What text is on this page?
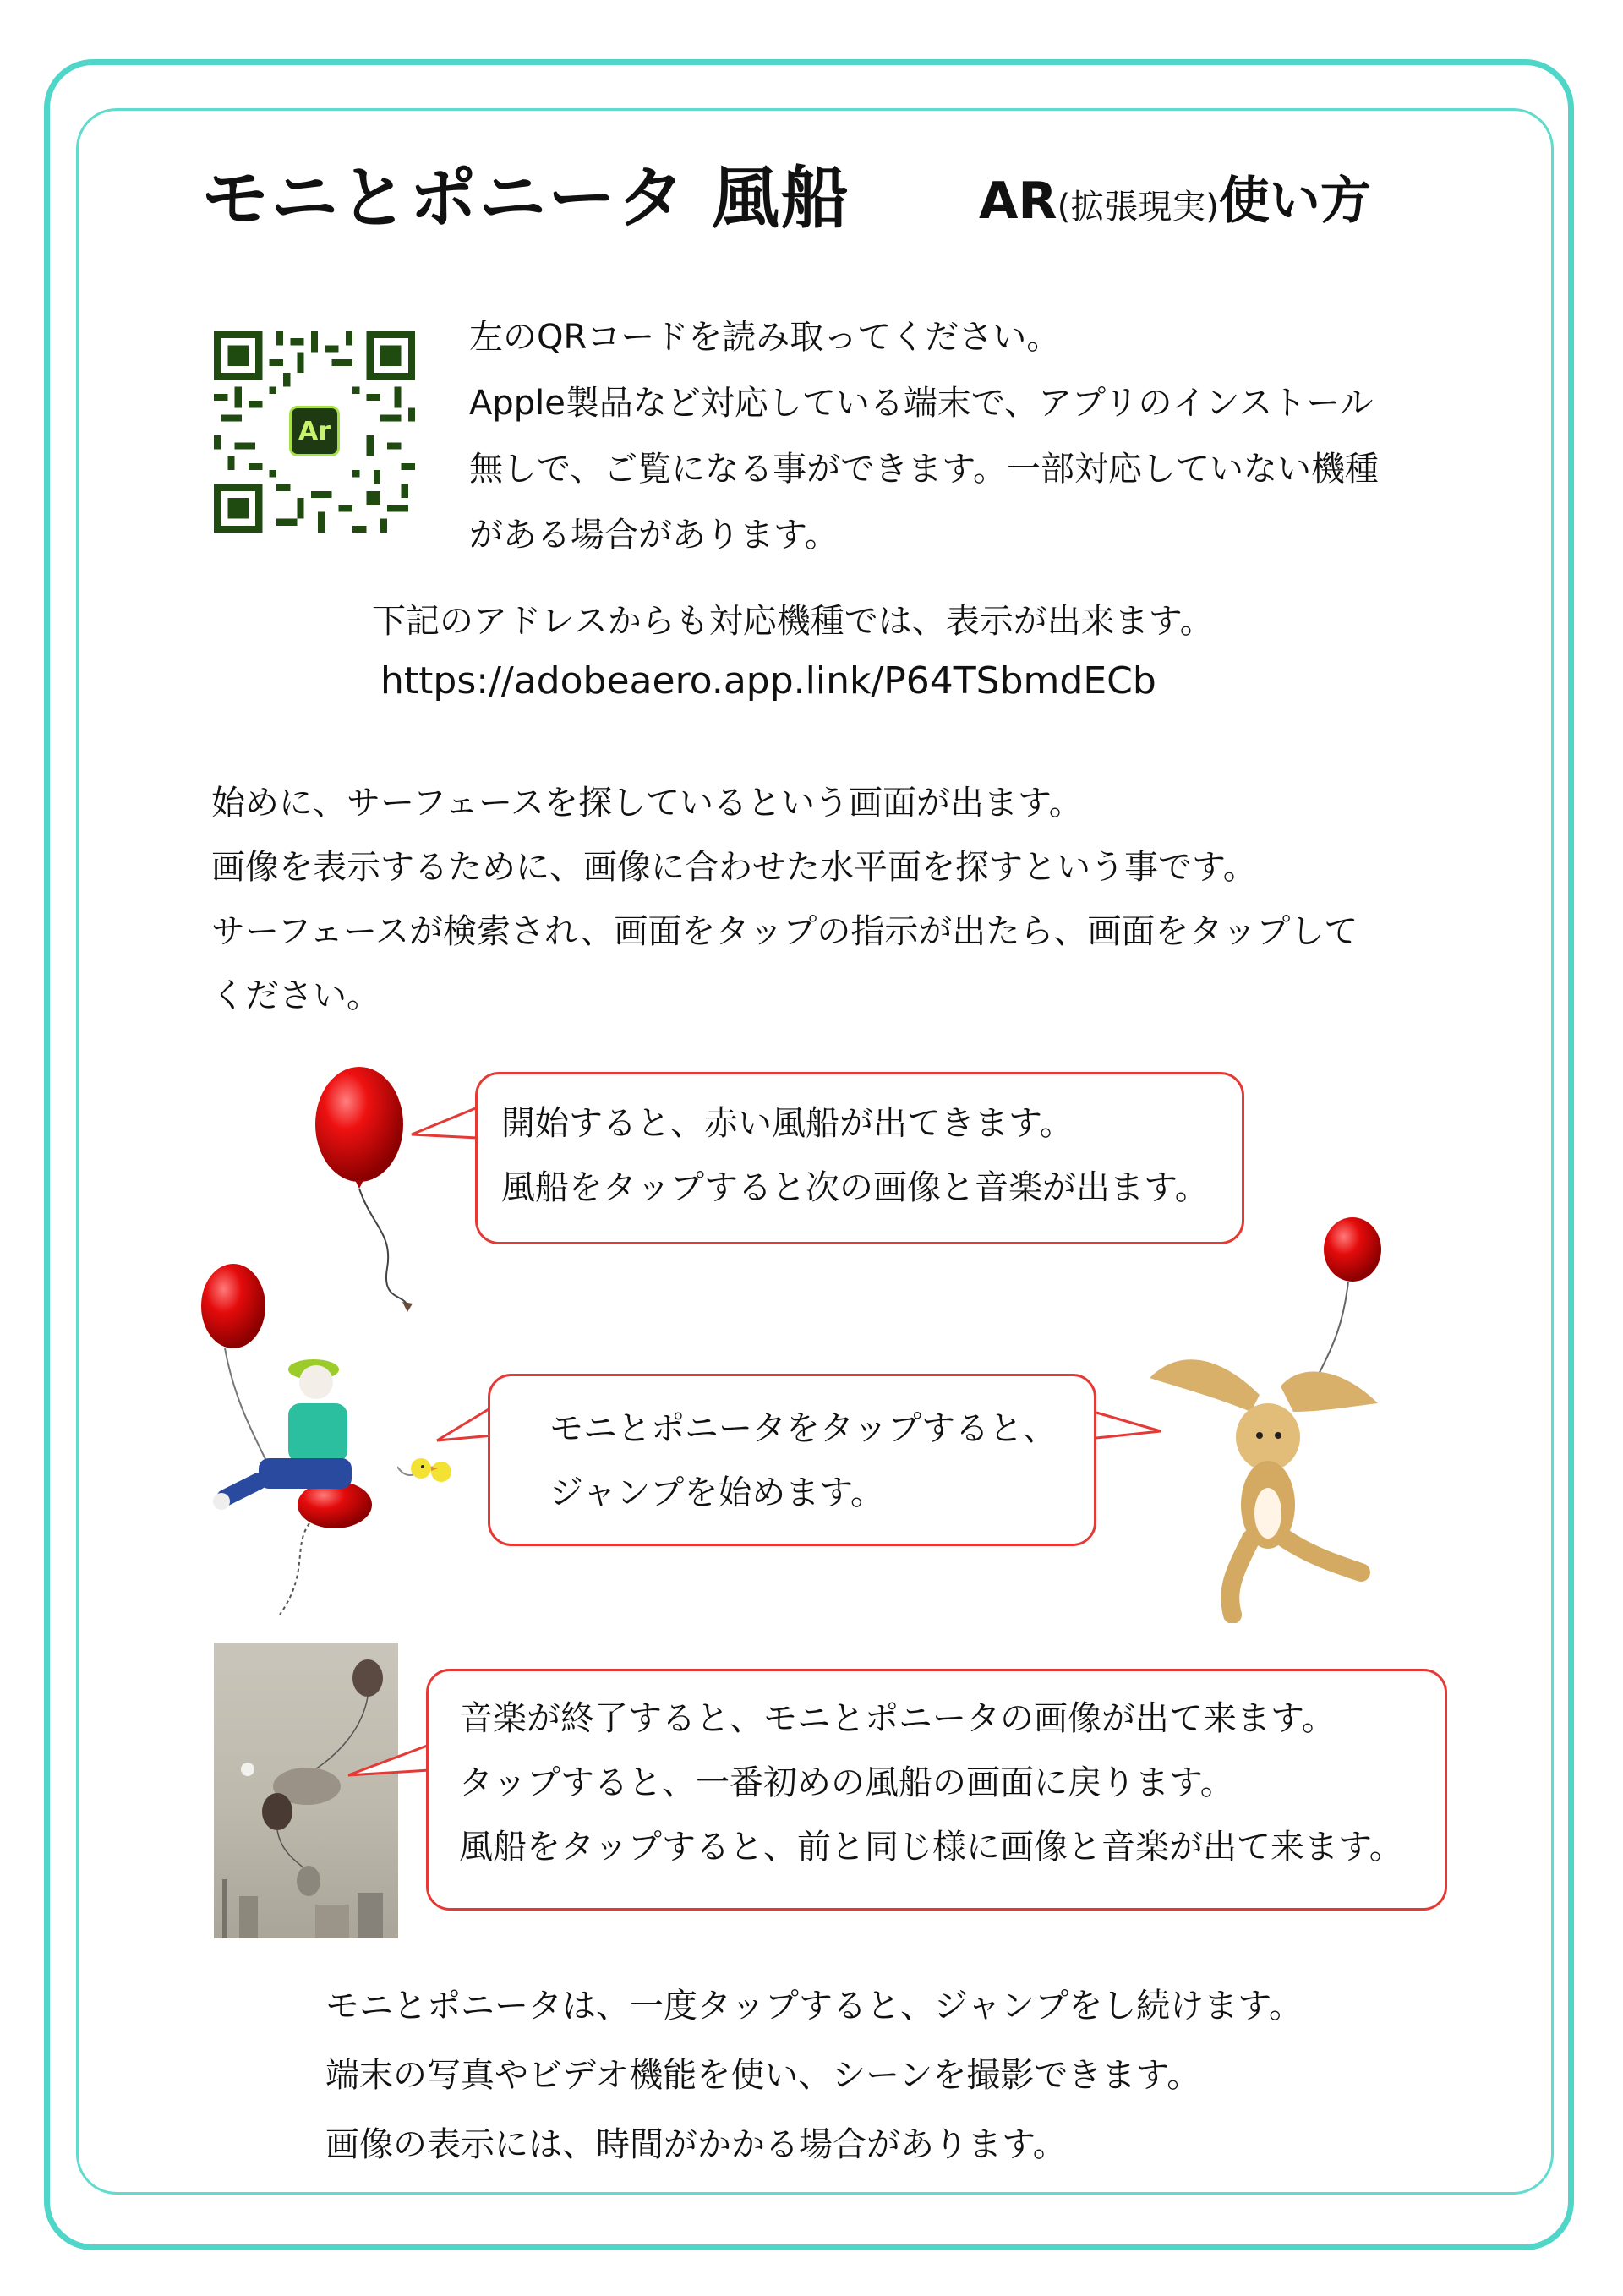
モニとポニータ 風船	AR(拡張現実)使い方
Ar
左のQRコードを読み取ってください。
Apple製品など対応している端末で、アプリのインストール
無しで、ご覧になる事ができます。一部対応していない機種
がある場合があります。
下記のアドレスからも対応機種では、表示が出来ます。
https://adobeaero.app.link/P64TSbmdECb
始めに、サーフェースを探しているという画面が出ます。
画像を表示するために、画像に合わせた水平面を探すという事です。
サーフェースが検索され、画面をタップの指示が出たら、画面をタップして
ください。
開始すると、赤い風船が出てきます。
風船をタップすると次の画像と音楽が出ます。
モニとポニータをタップすると、
ジャンプを始めます。
音楽が終了すると、モニとポニータの画像が出て来ます。
タップすると、一番初めの風船の画面に戻ります。
風船をタップすると、前と同じ様に画像と音楽が出て来ます。
モニとポニータは、一度タップすると、ジャンプをし続けます。
端末の写真やビデオ機能を使い、シーンを撮影できます。
画像の表示には、時間がかかる場合があります。
